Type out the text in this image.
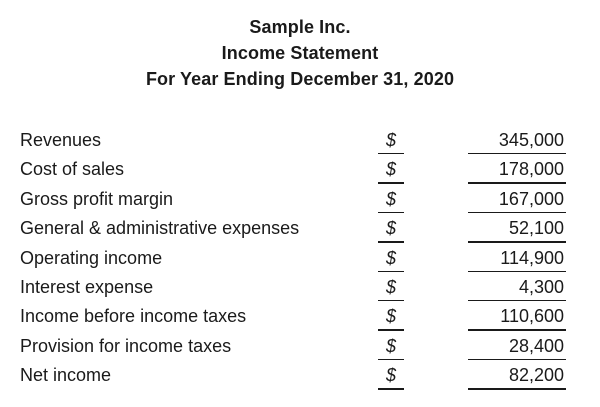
Sample Inc.
Income Statement
For Year Ending December 31, 2020
Revenues	$	345,000
Cost of sales	$	178,000
Gross profit margin	$	167,000
General & administrative expenses	$	52,100
Operating income	$	114,900
Interest expense	$	4,300
Income before income taxes	$	110,600
Provision for income taxes	$	28,400
Net income	$	82,200
